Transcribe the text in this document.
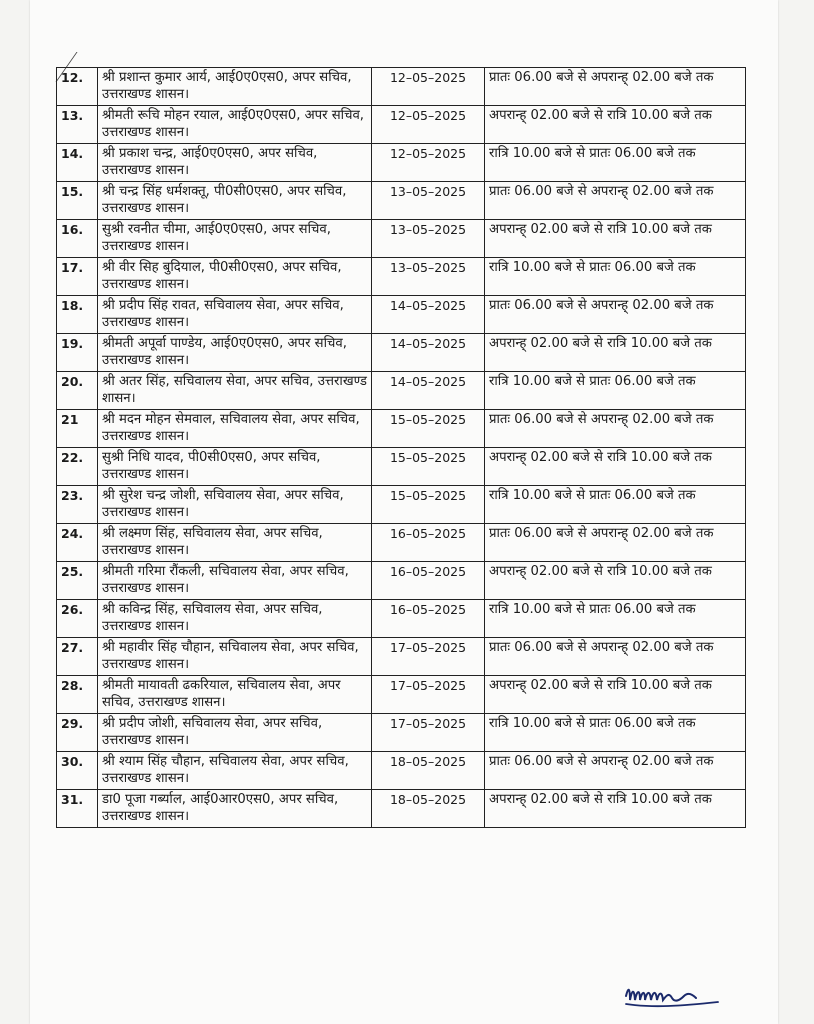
12.	श्री प्रशान्त कुमार आर्य, आई0ए0एस0, अपर सचिव, उत्तराखण्ड शासन।	12–05–2025	प्रातः 06.00 बजे से अपरान्ह् 02.00 बजे तक
13.	श्रीमती रूचि मोहन रयाल, आई0ए0एस0, अपर सचिव, उत्तराखण्ड शासन।	12–05–2025	अपरान्ह् 02.00 बजे से रात्रि 10.00 बजे तक
14.	श्री प्रकाश चन्द्र, आई0ए0एस0, अपर सचिव, उत्तराखण्ड शासन।	12–05–2025	रात्रि 10.00 बजे से प्रातः 06.00 बजे तक
15.	श्री चन्द्र सिंह धर्मशक्तू, पी0सी0एस0, अपर सचिव, उत्तराखण्ड शासन।	13–05–2025	प्रातः 06.00 बजे से अपरान्ह् 02.00 बजे तक
16.	सुश्री रवनीत चीमा, आई0ए0एस0, अपर सचिव, उत्तराखण्ड शासन।	13–05–2025	अपरान्ह् 02.00 बजे से रात्रि 10.00 बजे तक
17.	श्री वीर सिह बुदियाल, पी0सी0एस0, अपर सचिव, उत्तराखण्ड शासन।	13–05–2025	रात्रि 10.00 बजे से प्रातः 06.00 बजे तक
18.	श्री प्रदीप सिंह रावत, सचिवालय सेवा, अपर सचिव, उत्तराखण्ड शासन।	14–05–2025	प्रातः 06.00 बजे से अपरान्ह् 02.00 बजे तक
19.	श्रीमती अपूर्वा पाण्डेय, आई0ए0एस0, अपर सचिव, उत्तराखण्ड शासन।	14–05–2025	अपरान्ह् 02.00 बजे से रात्रि 10.00 बजे तक
20.	श्री अतर सिंह, सचिवालय सेवा, अपर सचिव, उत्तराखण्ड शासन।	14–05–2025	रात्रि 10.00 बजे से प्रातः 06.00 बजे तक
21	श्री मदन मोहन सेमवाल, सचिवालय सेवा, अपर सचिव, उत्तराखण्ड शासन।	15–05–2025	प्रातः 06.00 बजे से अपरान्ह् 02.00 बजे तक
22.	सुश्री निधि यादव, पी0सी0एस0, अपर सचिव, उत्तराखण्ड शासन।	15–05–2025	अपरान्ह् 02.00 बजे से रात्रि 10.00 बजे तक
23.	श्री सुरेश चन्द्र जोशी, सचिवालय सेवा, अपर सचिव, उत्तराखण्ड शासन।	15–05–2025	रात्रि 10.00 बजे से प्रातः 06.00 बजे तक
24.	श्री लक्ष्मण सिंह, सचिवालय सेवा, अपर सचिव, उत्तराखण्ड शासन।	16–05–2025	प्रातः 06.00 बजे से अपरान्ह् 02.00 बजे तक
25.	श्रीमती गरिमा रौंकली, सचिवालय सेवा, अपर सचिव, उत्तराखण्ड शासन।	16–05–2025	अपरान्ह् 02.00 बजे से रात्रि 10.00 बजे तक
26.	श्री कविन्द्र सिंह, सचिवालय सेवा, अपर सचिव, उत्तराखण्ड शासन।	16–05–2025	रात्रि 10.00 बजे से प्रातः 06.00 बजे तक
27.	श्री महावीर सिंह चौहान, सचिवालय सेवा, अपर सचिव, उत्तराखण्ड शासन।	17–05–2025	प्रातः 06.00 बजे से अपरान्ह् 02.00 बजे तक
28.	श्रीमती मायावती ढकरियाल, सचिवालय सेवा, अपर सचिव, उत्तराखण्ड शासन।	17–05–2025	अपरान्ह् 02.00 बजे से रात्रि 10.00 बजे तक
29.	श्री प्रदीप जोशी, सचिवालय सेवा, अपर सचिव, उत्तराखण्ड शासन।	17–05–2025	रात्रि 10.00 बजे से प्रातः 06.00 बजे तक
30.	श्री श्याम सिंह चौहान, सचिवालय सेवा, अपर सचिव, उत्तराखण्ड शासन।	18–05–2025	प्रातः 06.00 बजे से अपरान्ह् 02.00 बजे तक
31.	डा0 पूजा गर्ब्याल, आई0आर0एस0, अपर सचिव, उत्तराखण्ड शासन।	18–05–2025	अपरान्ह् 02.00 बजे से रात्रि 10.00 बजे तक
